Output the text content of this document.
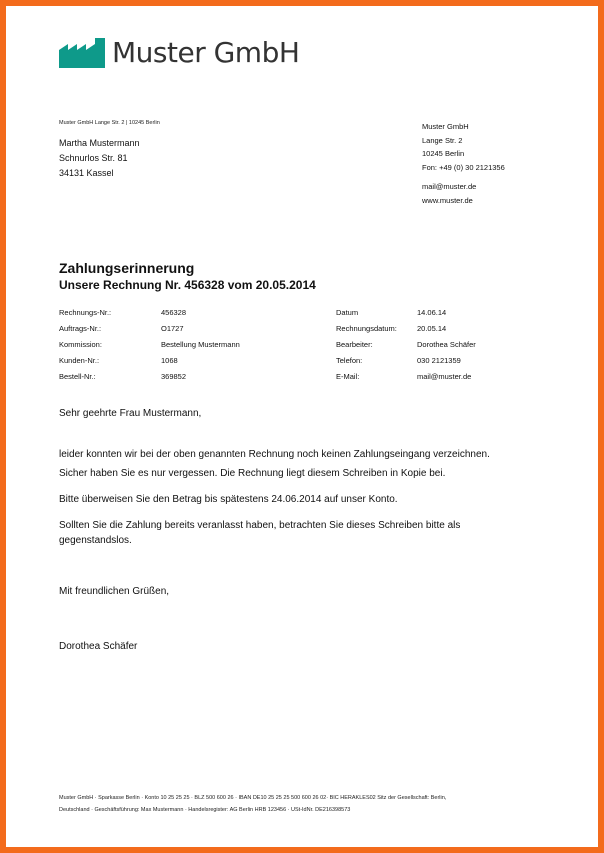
Muster GmbH
Muster GmbH Lange Str. 2 | 10245 Berlin
Martha Mustermann
Schnurlos Str. 81
34131 Kassel
Muster GmbH
Lange Str. 2
10245 Berlin
Fon: +49 (0) 30 2121356
mail@muster.de
www.muster.de
Zahlungserinnerung
Unsere Rechnung Nr. 456328 vom 20.05.2014
Rechnungs-Nr.:
Auftrags-Nr.:
Kommission:
Kunden-Nr.:
Bestell-Nr.:
456328
O1727
Bestellung Mustermann
1068
369852
Datum
Rechnungsdatum:
Bearbeiter:
Telefon:
E-Mail:
14.06.14
20.05.14
Dorothea Schäfer
030 2121359
mail@muster.de
Sehr geehrte Frau Mustermann,
leider konnten wir bei der oben genannten Rechnung noch keinen Zahlungseingang verzeichnen.
Sicher haben Sie es nur vergessen. Die Rechnung liegt diesem Schreiben in Kopie bei.
Bitte überweisen Sie den Betrag bis spätestens 24.06.2014 auf unser Konto.
Sollten Sie die Zahlung bereits veranlasst haben, betrachten Sie dieses Schreiben bitte als
gegenstandslos.
Mit freundlichen Grüßen,
Dorothea Schäfer
Muster GmbH · Sparkasse Berlin · Konto 10 25 25 25 · BLZ 500 600 26 · IBAN DE10 25 25 25 500 600 26 02· BIC HERAKLES02 Sitz der Gesellschaft: Berlin,
Deutschland · Geschäftsführung: Max Mustermann · Handelsregister: AG Berlin HRB 123456 · USt-IdNr. DE216398573
